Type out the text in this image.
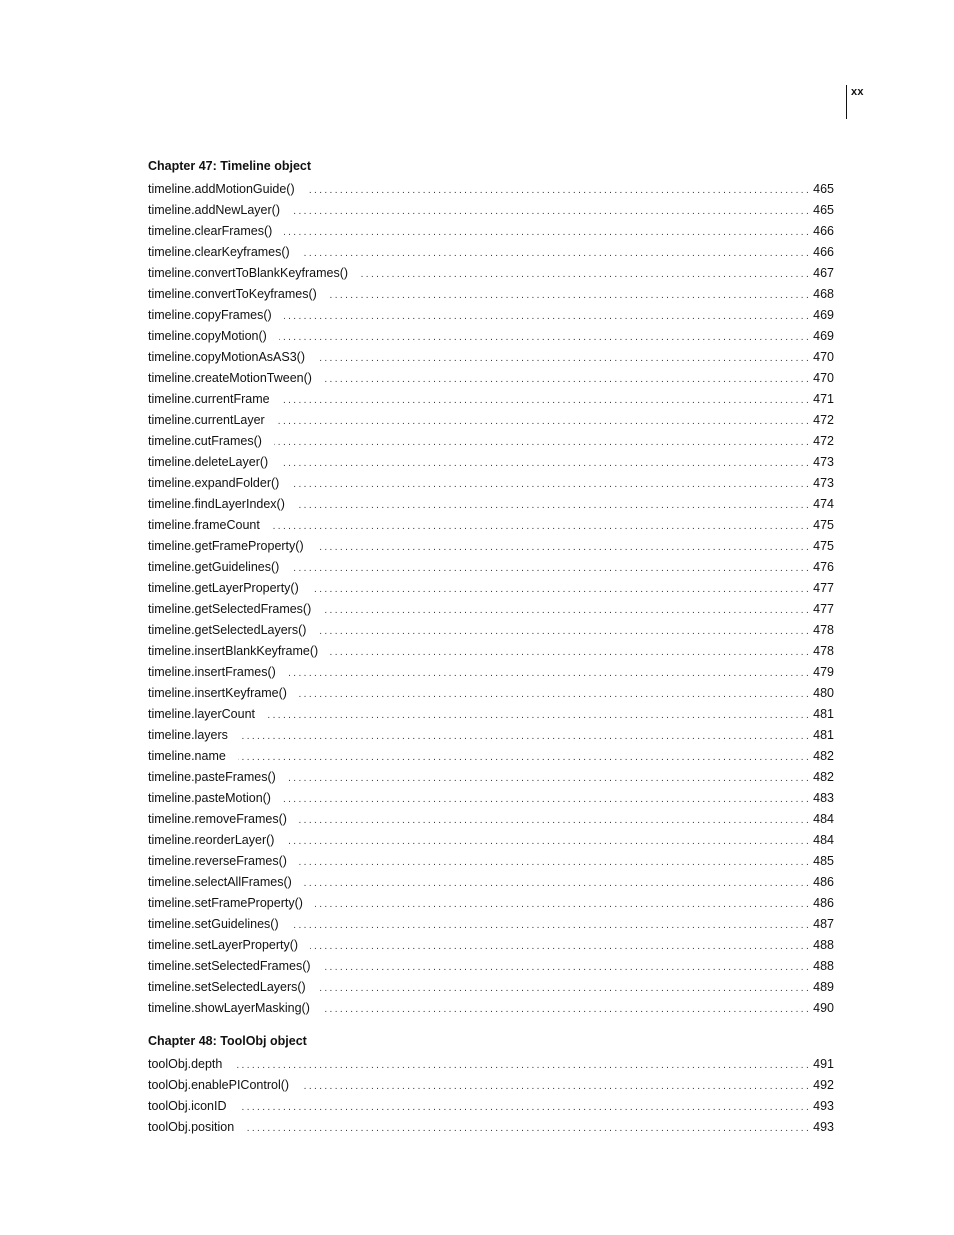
xx
Chapter 47: Timeline object
timeline.addMotionGuide() .....	465
timeline.addNewLayer() .....	465
timeline.clearFrames() .....	466
timeline.clearKeyframes() .....	466
timeline.convertToBlankKeyframes() .....	467
timeline.convertToKeyframes() .....	468
timeline.copyFrames() .....	469
timeline.copyMotion() .....	469
timeline.copyMotionAsAS3() .....	470
timeline.createMotionTween() .....	470
timeline.currentFrame .....	471
timeline.currentLayer .....	472
timeline.cutFrames() .....	472
timeline.deleteLayer() .....	473
timeline.expandFolder() .....	473
timeline.findLayerIndex() .....	474
timeline.frameCount .....	475
timeline.getFrameProperty() .....	475
timeline.getGuidelines() .....	476
timeline.getLayerProperty() .....	477
timeline.getSelectedFrames() .....	477
timeline.getSelectedLayers() .....	478
timeline.insertBlankKeyframe() .....	478
timeline.insertFrames() .....	479
timeline.insertKeyframe() .....	480
timeline.layerCount .....	481
timeline.layers .....	481
timeline.name .....	482
timeline.pasteFrames() .....	482
timeline.pasteMotion() .....	483
timeline.removeFrames() .....	484
timeline.reorderLayer() .....	484
timeline.reverseFrames() .....	485
timeline.selectAllFrames() .....	486
timeline.setFrameProperty() .....	486
timeline.setGuidelines() .....	487
timeline.setLayerProperty() .....	488
timeline.setSelectedFrames() .....	488
timeline.setSelectedLayers() .....	489
timeline.showLayerMasking() .....	490
Chapter 48: ToolObj object
toolObj.depth .....	491
toolObj.enablePIControl() .....	492
toolObj.iconID .....	493
toolObj.position .....	493
